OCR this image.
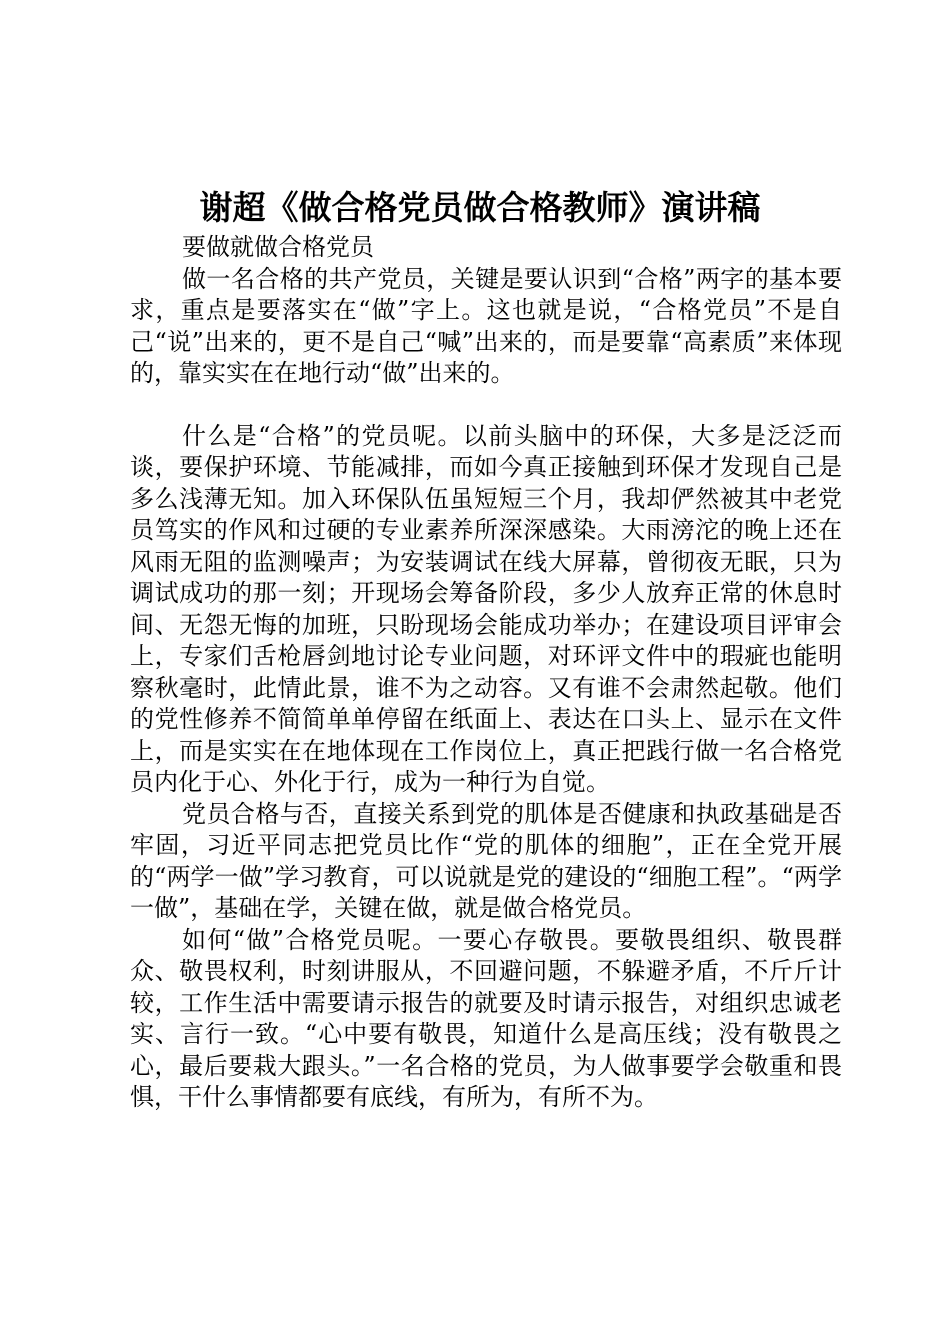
谢超《做合格党员做合格教师》演讲稿

要做就做合格党员

做一名合格的共产党员，关键是要认识到“合格”两字的基本要求，重点是要落实在“做”字上。这也就是说，“合格党员”不是自己“说”出来的，更不是自己“喊”出来的，而是要靠“高素质”来体现的，靠实实在在地行动“做”出来的。

什么是“合格”的党员呢。以前头脑中的环保，大多是泛泛而谈，要保护环境、节能减排，而如今真正接触到环保才发现自己是多么浅薄无知。加入环保队伍虽短短三个月，我却俨然被其中老党员笃实的作风和过硬的专业素养所深深感染。大雨滂沱的晚上还在风雨无阻的监测噪声；为安装调试在线大屏幕，曾彻夜无眠，只为调试成功的那一刻；开现场会筹备阶段，多少人放弃正常的休息时间、无怨无悔的加班，只盼现场会能成功举办；在建设项目评审会上，专家们舌枪唇剑地讨论专业问题，对环评文件中的瑕疵也能明察秋毫时，此情此景，谁不为之动容。又有谁不会肃然起敬。他们的党性修养不简简单单停留在纸面上、表达在口头上、显示在文件上，而是实实在在地体现在工作岗位上，真正把践行做一名合格党员内化于心、外化于行，成为一种行为自觉。

党员合格与否，直接关系到党的肌体是否健康和执政基础是否牢固，习近平同志把党员比作“党的肌体的细胞”，正在全党开展的“两学一做”学习教育，可以说就是党的建设的“细胞工程”。“两学一做”，基础在学，关键在做，就是做合格党员。

如何“做”合格党员呢。一要心存敬畏。要敬畏组织、敬畏群众、敬畏权利，时刻讲服从，不回避问题，不躲避矛盾，不斤斤计较，工作生活中需要请示报告的就要及时请示报告，对组织忠诚老实、言行一致。“心中要有敬畏，知道什么是高压线；没有敬畏之心，最后要栽大跟头。”一名合格的党员，为人做事要学会敬重和畏惧，干什么事情都要有底线，有所为，有所不为。
